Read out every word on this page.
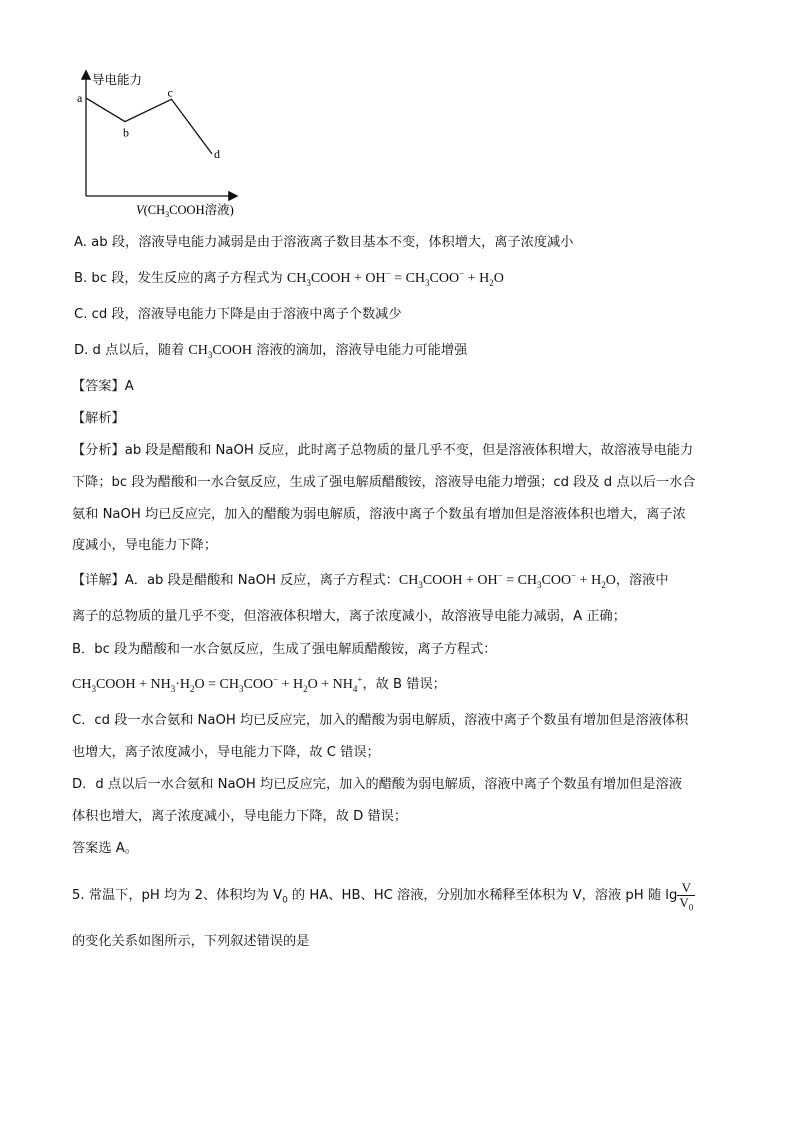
导电能力
a
b
c
d
$V(CH_3COOH$溶液)
A. ab 段，溶液导电能力减弱是由于溶液离子数目基本不变，体积增大，离子浓度减小
B. bc 段，发生反应的离子方程式为 $CH_3COOH + OH^- = CH_3COO^- + H_2O$
C. cd 段，溶液导电能力下降是由于溶液中离子个数减少
D. d 点以后，随着 $CH_3COOH$ 溶液的滴加，溶液导电能力可能增强
【答案】A
【解析】
【分析】ab 段是醋酸和 NaOH 反应，此时离子总物质的量几乎不变，但是溶液体积增大，故溶液导电能力
下降；bc 段为醋酸和一水合氨反应，生成了强电解质醋酸铵，溶液导电能力增强；cd 段及 d 点以后一水合
氨和 NaOH 均已反应完，加入的醋酸为弱电解质，溶液中离子个数虽有增加但是溶液体积也增大，离子浓
度减小，导电能力下降；
【详解】A．ab 段是醋酸和 NaOH 反应，离子方程式：$CH_3COOH + OH^- = CH_3COO^- + H_2O$，溶液中
离子的总物质的量几乎不变，但溶液体积增大，离子浓度减小，故溶液导电能力减弱，A 正确；
B．bc 段为醋酸和一水合氨反应，生成了强电解质醋酸铵，离子方程式：
$CH_3COOH + NH_3\cdot H_2O = CH_3COO^- + H_2O + NH_4^+$，故 B 错误；
C．cd 段一水合氨和 NaOH 均已反应完，加入的醋酸为弱电解质，溶液中离子个数虽有增加但是溶液体积
也增大，离子浓度减小，导电能力下降，故 C 错误；
D．d 点以后一水合氨和 NaOH 均已反应完，加入的醋酸为弱电解质，溶液中离子个数虽有增加但是溶液
体积也增大，离子浓度减小，导电能力下降，故 D 错误；
答案选 A。
5. 常温下，pH 均为 2、体积均为 $V_0$ 的 HA、HB、HC 溶液，分别加水稀释至体积为 V，溶液 pH 随 $\lg \frac{V}{V_0}$
的变化关系如图所示，下列叙述错误的是
